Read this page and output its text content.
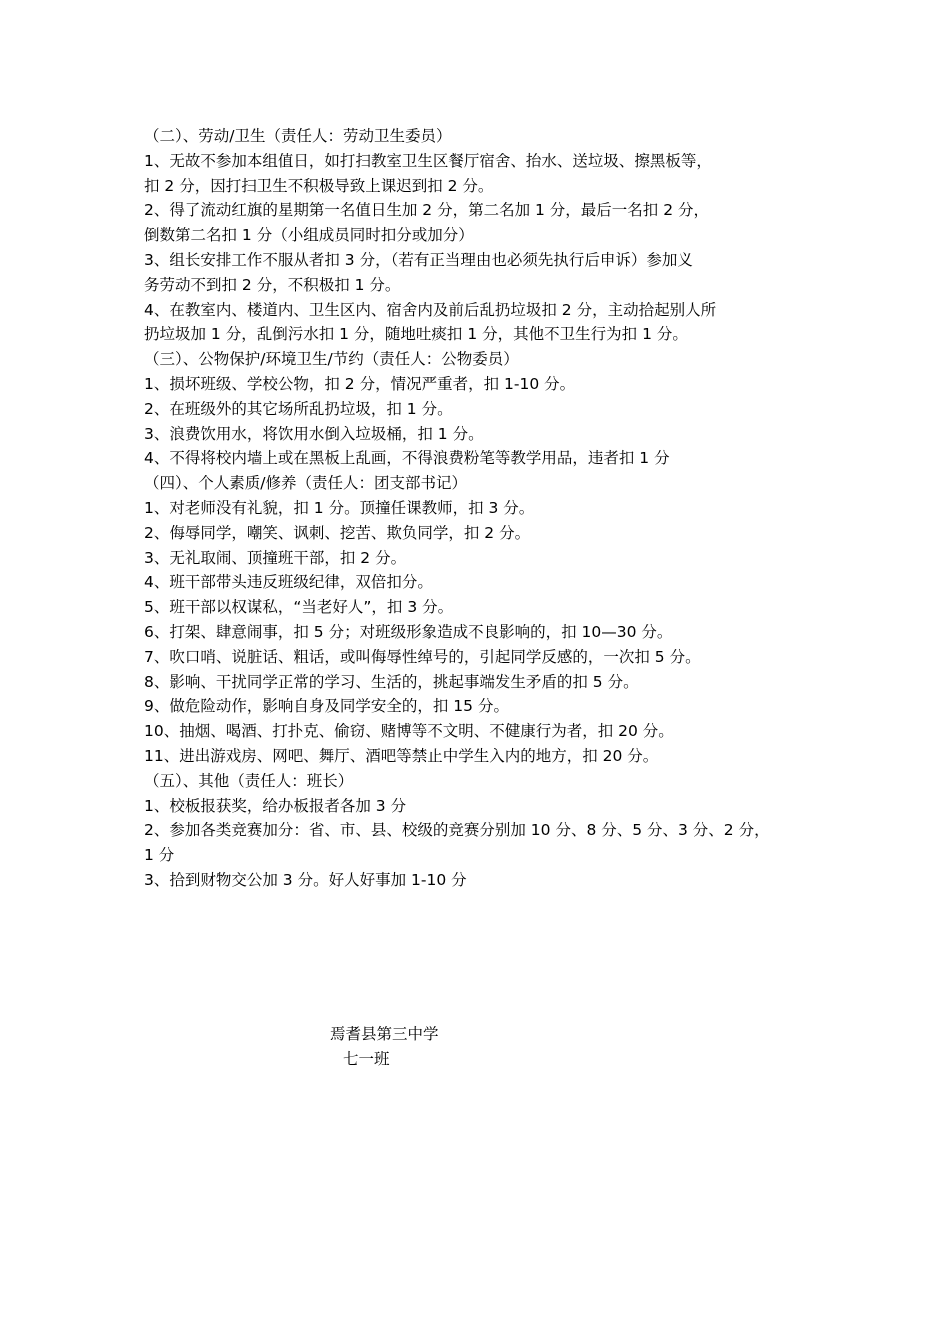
（二）、劳动/卫生（责任人：劳动卫生委员）

1、无故不参加本组值日，如打扫教室卫生区餐厅宿舍、抬水、送垃圾、擦黑板等，

扣 2 分，因打扫卫生不积极导致上课迟到扣 2 分。

2、得了流动红旗的星期第一名值日生加 2 分，第二名加 1 分，最后一名扣 2 分，

倒数第二名扣 1 分（小组成员同时扣分或加分）

3、组长安排工作不服从者扣 3 分，（若有正当理由也必须先执行后申诉）参加义

务劳动不到扣 2 分，不积极扣 1 分。

4、在教室内、楼道内、卫生区内、宿舍内及前后乱扔垃圾扣 2 分，主动拾起别人所

扔垃圾加 1 分，乱倒污水扣 1 分，随地吐痰扣 1 分，其他不卫生行为扣 1 分。

（三）、公物保护/环境卫生/节约（责任人：公物委员）

1、损坏班级、学校公物，扣 2 分，情况严重者，扣 1-10 分。

2、在班级外的其它场所乱扔垃圾，扣 1 分。

3、浪费饮用水，将饮用水倒入垃圾桶，扣 1 分。

4、不得将校内墙上或在黑板上乱画，不得浪费粉笔等教学用品，违者扣 1 分

（四）、个人素质/修养（责任人：团支部书记）

1、对老师没有礼貌，扣 1 分。顶撞任课教师，扣 3 分。

2、侮辱同学，嘲笑、讽刺、挖苦、欺负同学，扣 2 分。

3、无礼取闹、顶撞班干部，扣 2 分。

4、班干部带头违反班级纪律，双倍扣分。

5、班干部以权谋私，“当老好人”，扣 3 分。

6、打架、肆意闹事，扣 5 分；对班级形象造成不良影响的，扣 10—30 分。

7、吹口哨、说脏话、粗话，或叫侮辱性绰号的，引起同学反感的，一次扣 5 分。

8、影响、干扰同学正常的学习、生活的，挑起事端发生矛盾的扣 5 分。

9、做危险动作，影响自身及同学安全的，扣 15 分。

10、抽烟、喝酒、打扑克、偷窃、赌博等不文明、不健康行为者，扣 20 分。

11、进出游戏房、网吧、舞厅、酒吧等禁止中学生入内的地方，扣 20 分。

（五）、其他（责任人：班长）

1、校板报获奖，给办板报者各加 3 分

2、参加各类竞赛加分：省、市、县、校级的竞赛分别加 10 分、8 分、5 分、3 分、2 分，

1 分

3、拾到财物交公加 3 分。好人好事加 1-10 分

焉耆县第三中学

七一班
